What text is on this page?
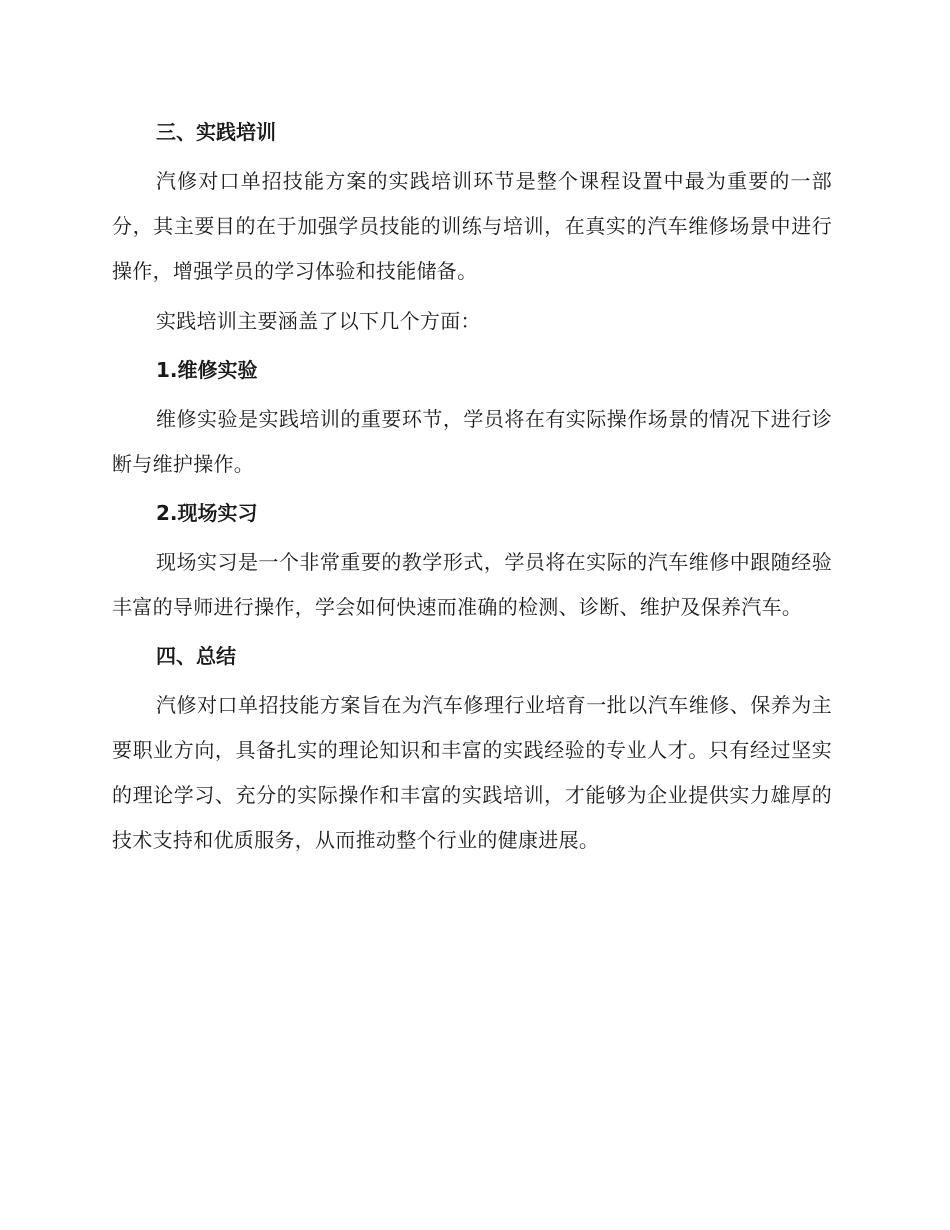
三、实践培训

汽修对口单招技能方案的实践培训环节是整个课程设置中最为重要的一部分，其主要目的在于加强学员技能的训练与培训，在真实的汽车维修场景中进行操作，增强学员的学习体验和技能储备。

实践培训主要涵盖了以下几个方面：

1.维修实验

维修实验是实践培训的重要环节，学员将在有实际操作场景的情况下进行诊断与维护操作。

2.现场实习

现场实习是一个非常重要的教学形式，学员将在实际的汽车维修中跟随经验丰富的导师进行操作，学会如何快速而准确的检测、诊断、维护及保养汽车。

四、总结

汽修对口单招技能方案旨在为汽车修理行业培育一批以汽车维修、保养为主要职业方向，具备扎实的理论知识和丰富的实践经验的专业人才。只有经过坚实的理论学习、充分的实际操作和丰富的实践培训，才能够为企业提供实力雄厚的技术支持和优质服务，从而推动整个行业的健康进展。
